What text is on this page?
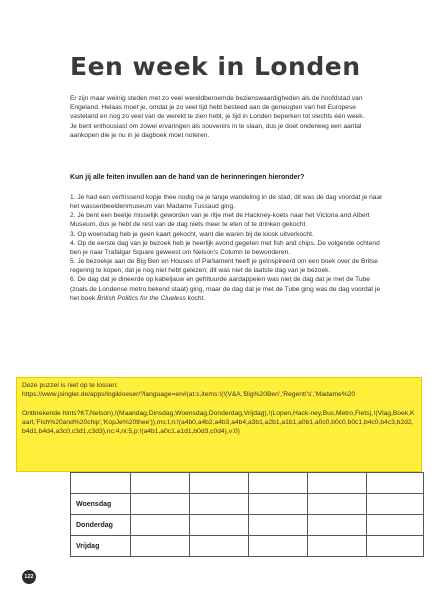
Een week in Londen

Er zijn maar weinig steden met zo veel wereldberoemde bezienswaardigheden als de hoofdstad van Engeland. Helaas moet je, omdat je zo veel tijd hebt besteed aan de geneugten van het Europese vasteland en nog zo veel van de wereld te zien hebt, je tijd in Londen beperken tot slechts één week. Je bent enthousiast om zowel ervaringen als souvenirs in te slaan, dus je doet onderweg een aantal aankopen die je nu in je dagboek moet noteren.

Kun jij alle feiten invullen aan de hand van de herinneringen hieronder?

1. Je had een verfrissend kopje thee nodig na je lange wandeling in de stad; dit was de dag voordat je naar het wassenbeeldenmuseum van Madame Tussaud ging.

2. Je bent een beetje misselijk geworden van je ritje met de Hackney-koets naar het Victoria and Albert Museum, dus je hebt de rest van de dag niets meer te eten of te drinken gekocht.

3. Op woensdag heb je geen kaart gekocht, want die waren bij de kiosk uitverkocht.

4. Op de eerste dag van je bezoek heb je heerlijk avond gegeten met fish and chips. De volgende ochtend ben je naar Trafalgar Square geweest om Nelson's Column te bewonderen.

5. Je bezoekje aan de Big Ben en Houses of Parliament heeft je geïnspireerd om een boek over de Britse regering te kopen, dat je nog niet hebt gelezen; dit was niet de laatste dag van je bezoek.

6. De dag dat je dineerde op kabeljauw en gefrituurde aardappelen was niet de dag dat je met de Tube (zoals de Londense metro bekend staat) ging, maar de dag dat je met de Tube ging was de dag voordat je het boek British Politics for the Clueless kocht.

Woensdag					
Donderdag					
Vrijdag					

Deze puzzel is niet op te lossen:

https://www.jsingler.de/apps/logikloeser/?language=en#(at:s,items:!(!(V&A,'Big%20Ben','Regent!'s','Madame%20

Ontbrekende hints?KT,Nelson),!(Maandag,Dinsdag,Woensdag,Donderdag,Vrijdag),!(Lopen,Hack-ney,Bus,Metro,Fiets),!(Vlag,Boek,Kaart,'Fish%20and%20chip','KopJe%20thee')),ms:t,n:!(a4b0,a4b2,a4b3,a4b4,a3b1,a2b1,a1b1,a0b1,a0c0,b0c0,b0c1,b4c0,b4c3,b2d2,b4d1,b4d4,a3c0,c3d1,c3d3),nc:4,ni:5,p:!(a4b1,a0c1,a1d1,b0d3,c0d4),v:0)

122
